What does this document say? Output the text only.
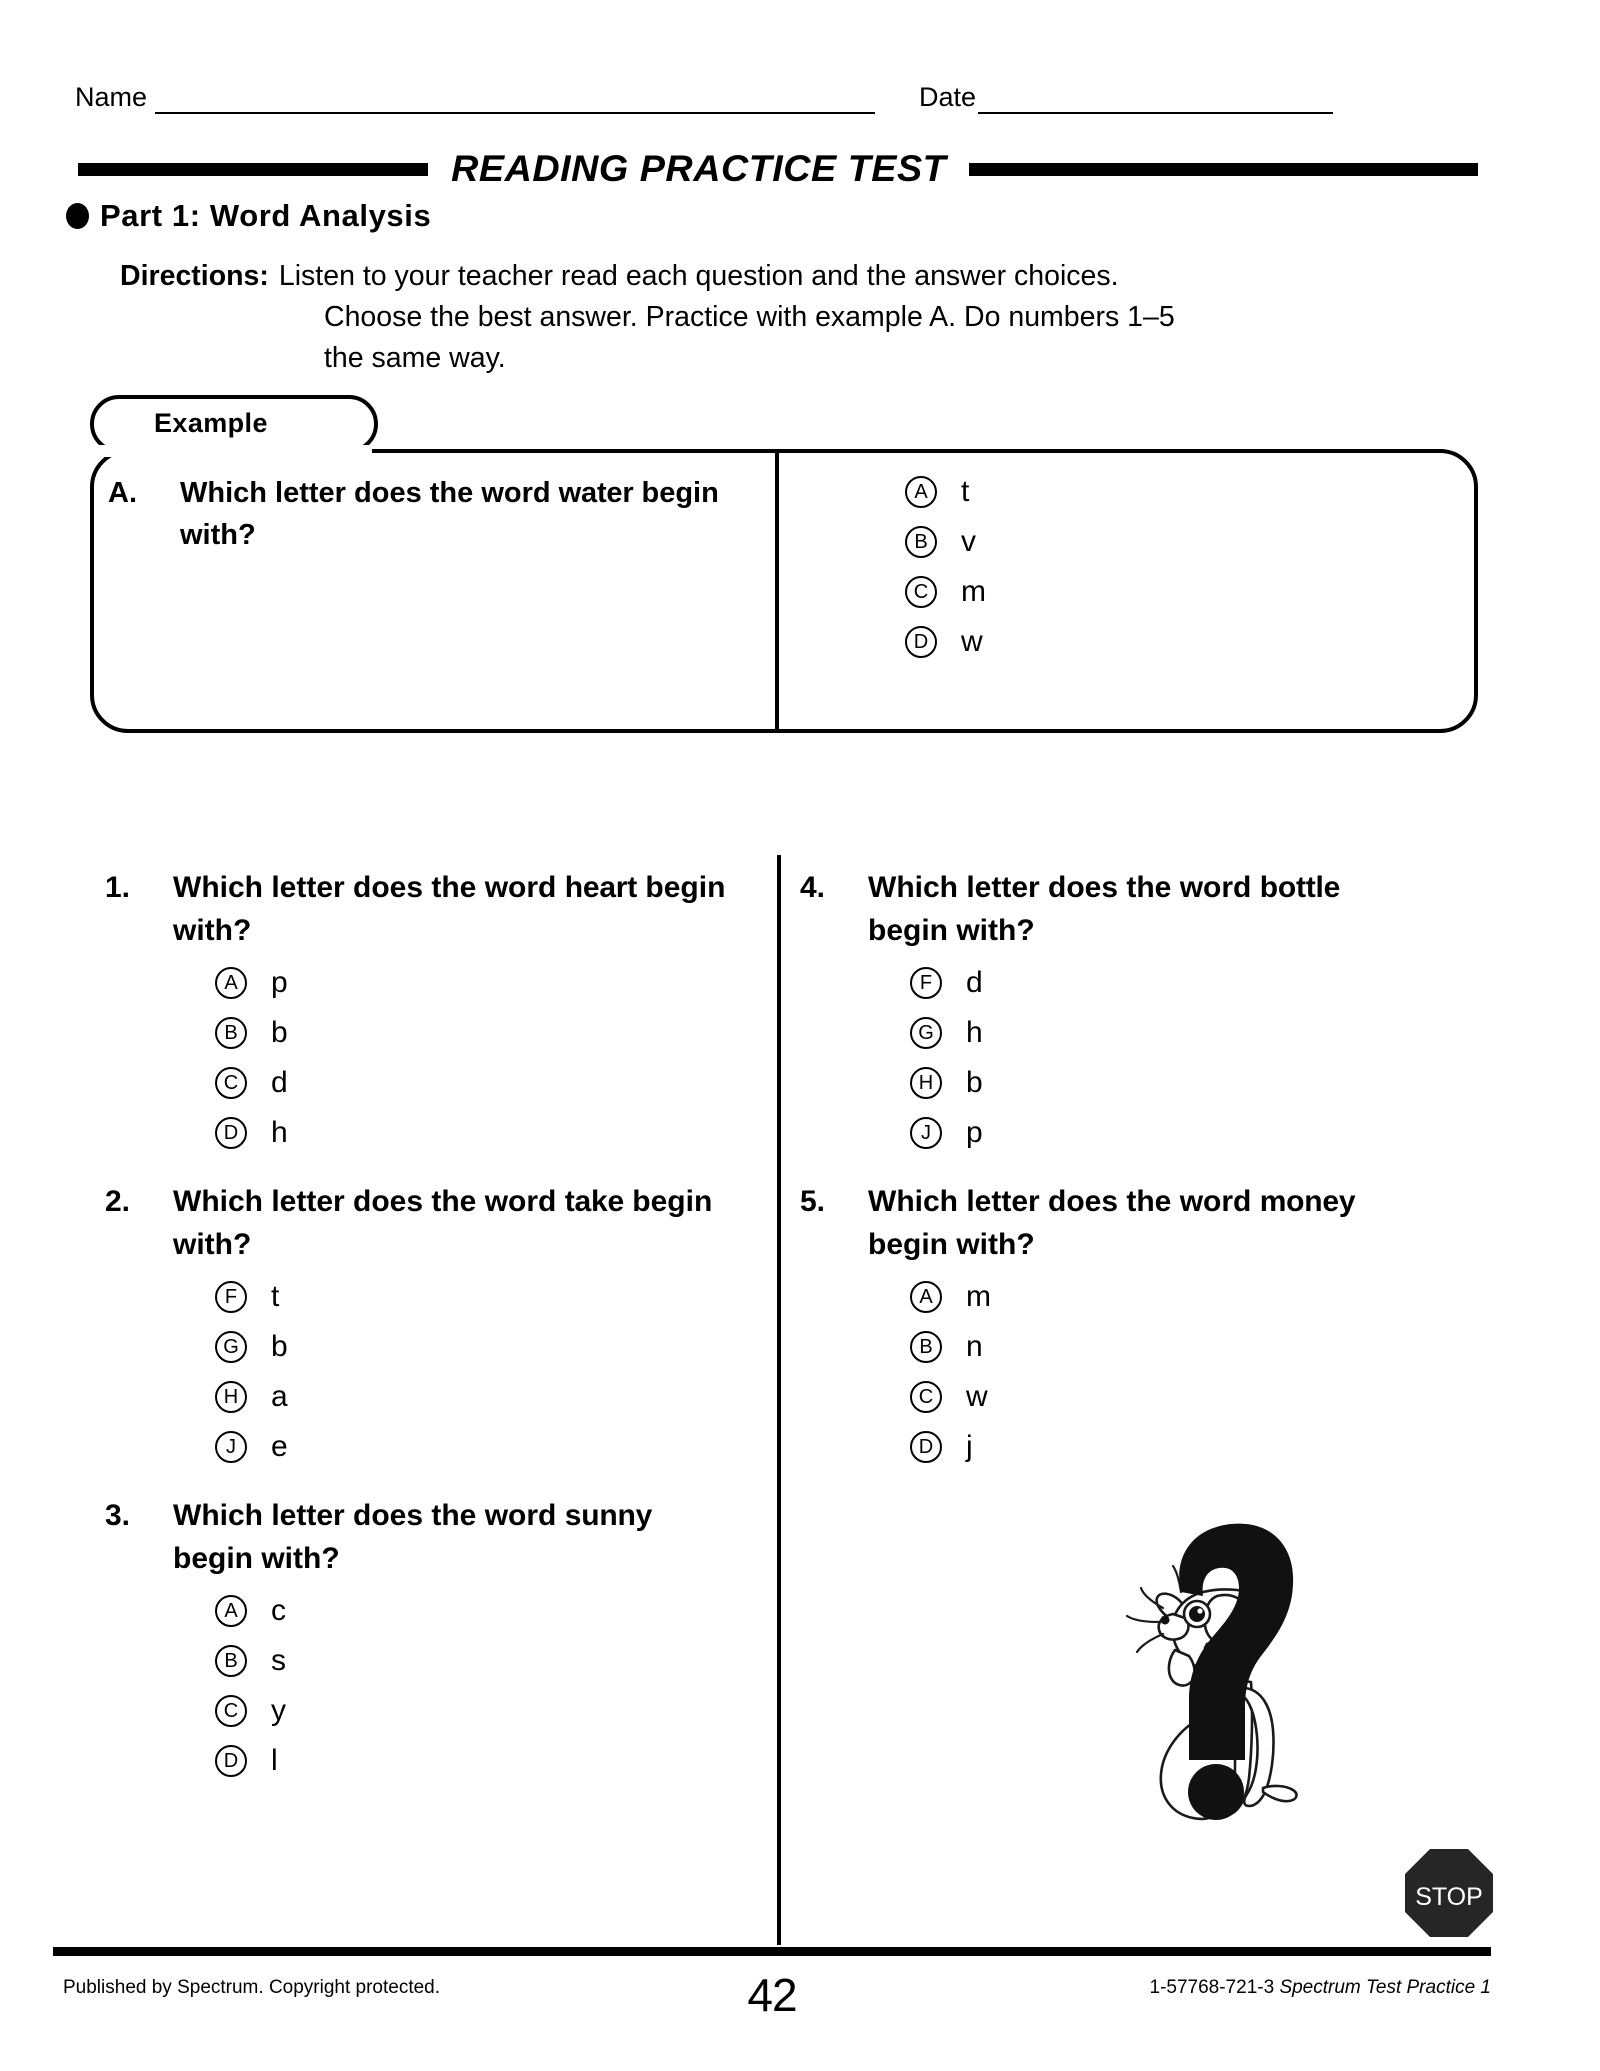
Name	Date
READING PRACTICE TEST
Part 1: Word Analysis
Directions: Listen to your teacher read each question and the answer choices.
Choose the best answer. Practice with example A. Do numbers 1–5
the same way.
Example
A.	Which letter does the word water begin with?
A	t
B	v
C m
D w
1.	Which letter does the word heart begin with?
A	p
B	b
C d
D h
2.	Which letter does the word take begin with?
F	t
G b
H a
J	e
3.	Which letter does the word sunny begin with?
A	c
B	s
C y
D l
4.	Which letter does the word bottle begin with?
F	d
G h
H b
J	p
5.	Which letter does the word money begin with?
A	m
B	n
C w
D j
STOP
Published by Spectrum. Copyright protected.	42	1-57768-721-3 Spectrum Test Practice 1
